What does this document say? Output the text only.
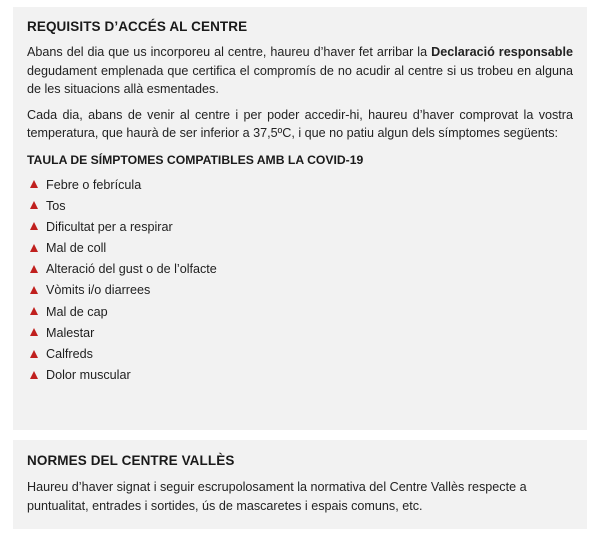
REQUISITS D’ACCÉS AL CENTRE

Abans del dia que us incorporeu al centre, haureu d’haver fet arribar la Declaració responsable degudament emplenada que certifica el compromís de no acudir al centre si us trobeu en alguna de les situacions allà esmentades.

Cada dia, abans de venir al centre i per poder accedir-hi, haureu d’haver comprovat la vostra temperatura, que haurà de ser inferior a 37,5ºC, i que no patiu algun dels símptomes següents:

TAULA DE SÍMPTOMES COMPATIBLES AMB LA COVID-19
Febre o febrícula
Tos
Dificultat per a respirar
Mal de coll
Alteració del gust o de l’olfacte
Vòmits i/o diarrees
Mal de cap
Malestar
Calfreds
Dolor muscular
NORMES DEL CENTRE VALLÈS

Haureu d’haver signat i seguir escrupolosament la normativa del Centre Vallès respecte a puntualitat, entrades i sortides, ús de mascaretes i espais comuns, etc.
